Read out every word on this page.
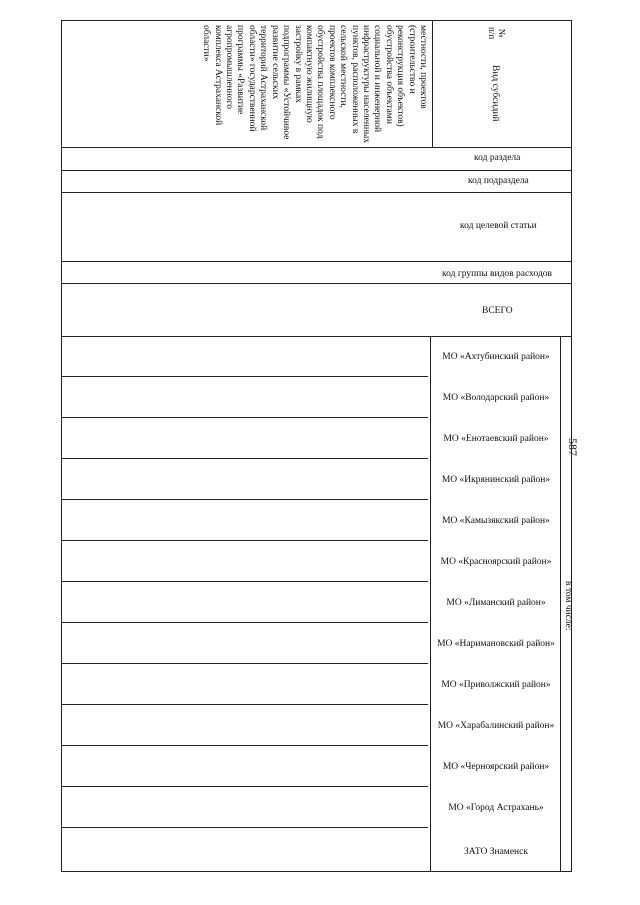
587
№
п/п
Вид субсидий
местности, проектов (строительство и реконструкция объектов) обустройства объектами социальной и инженерной инфраструктуры населенных пунктов, расположенных в сельской местности, проектов комплексного обустройства площадок под компактную жилищную застройку в рамках подпрограммы «Устойчивое развитие сельских территорий Астраханской области» государственной программы «Развитие агропромышленного комплекса Астраханской области»
код раздела
код подраздела
код целевой статьи
код группы видов расходов
ВСЕГО
в том числе:
МО «Ахтубинский район»
МО «Володарский район»
МО «Енотаевский район»
МО «Икрянинский район»
МО «Камызякский район»
МО «Красноярский район»
МО «Лиманский район»
МО «Наримановский район»
МО «Приволжский район»
МО «Харабалинский район»
МО «Черноярский район»
МО «Город Астрахань»
ЗАТО Знаменск
